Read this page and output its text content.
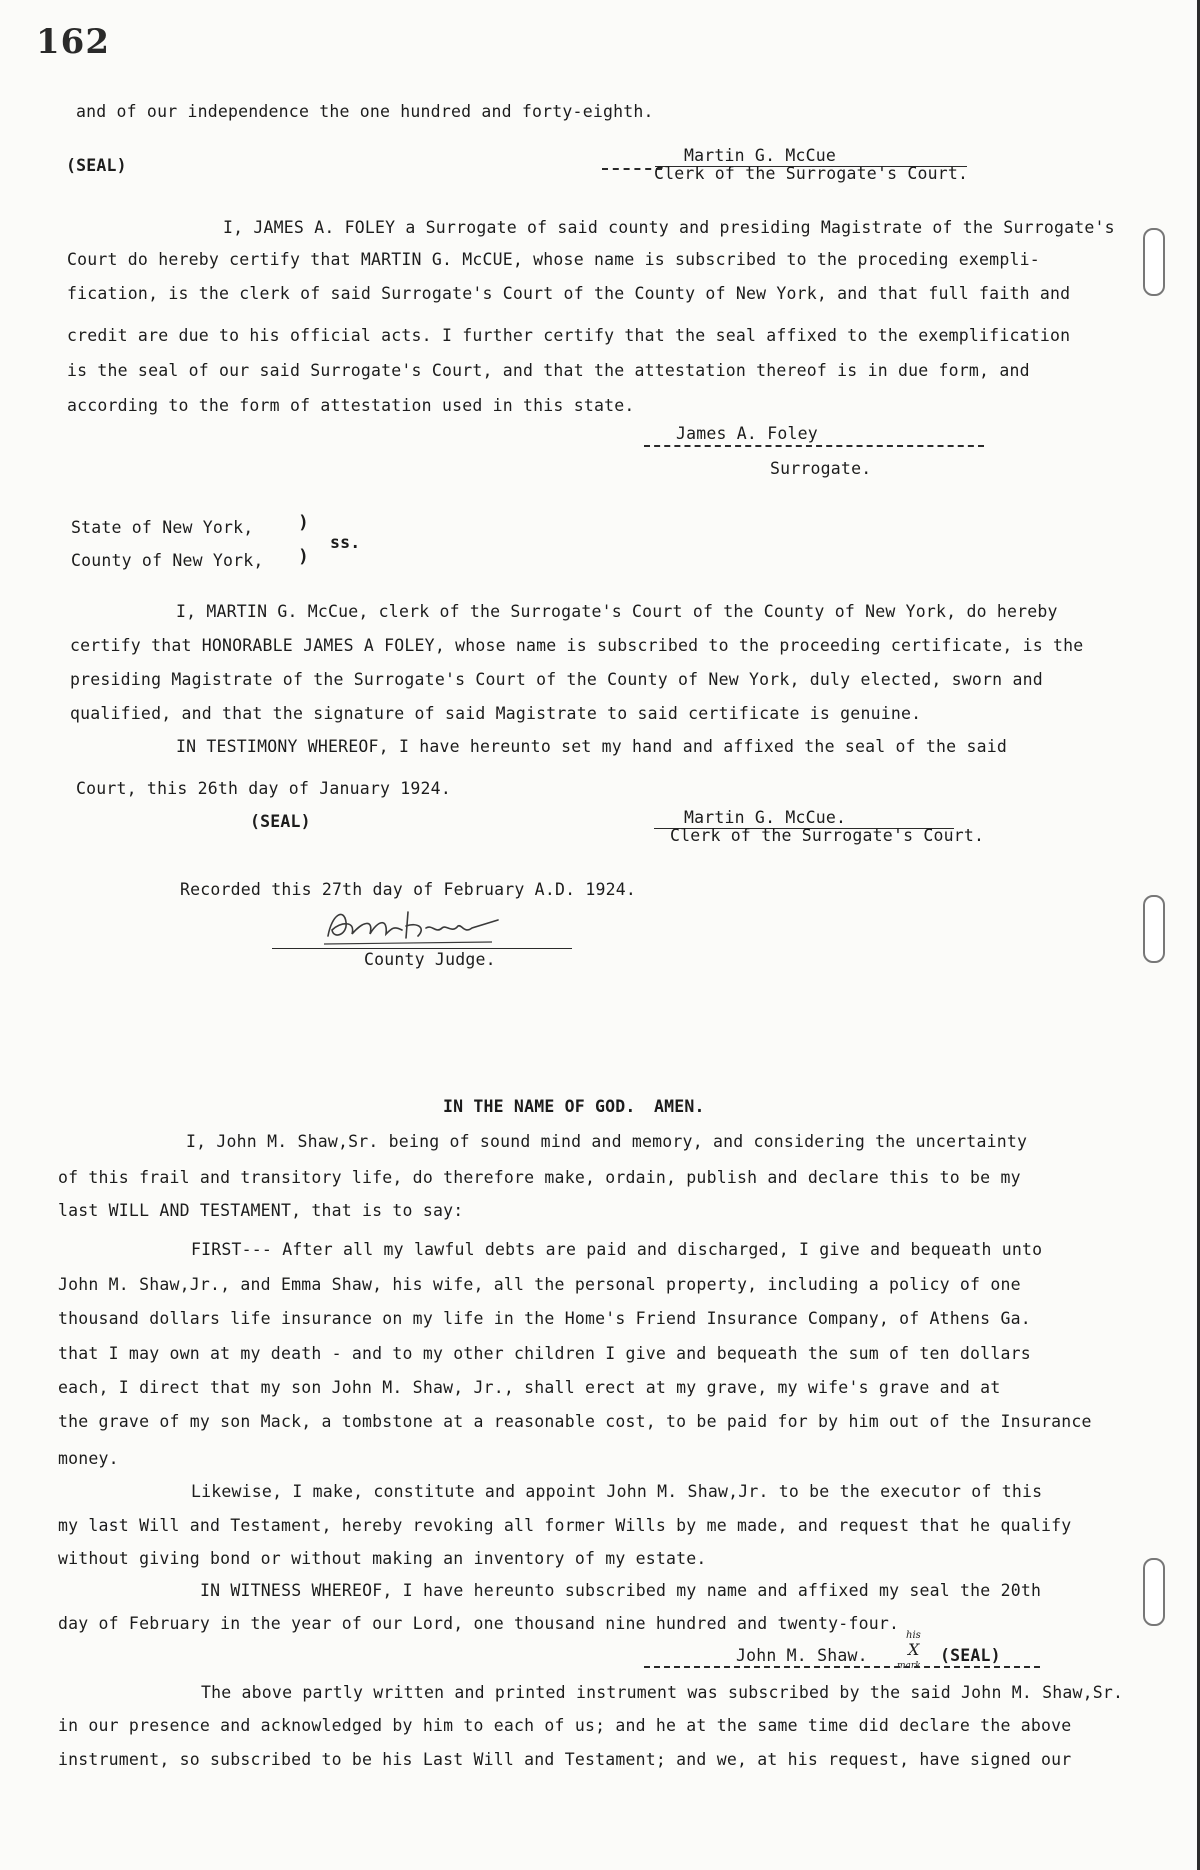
162
and of our independence the one hundred and forty-eighth.
(SEAL)
Martin G. McCue
Clerk of the Surrogate's Court.
I, JAMES A. FOLEY a Surrogate of said county and presiding Magistrate of the Surrogate's
Court do hereby certify that MARTIN G. McCUE, whose name is subscribed to the proceding exempli-
fication, is the clerk of said Surrogate's Court of the County of New York, and that full faith and
credit are due to his official acts. I further certify that the seal affixed to the exemplification
is the seal of our said Surrogate's Court, and that the attestation thereof is in due form, and
according to the form of attestation used in this state.
James A. Foley
Surrogate.
State of New York,
County of New York,
)
)
ss.
I, MARTIN G. McCue, clerk of the Surrogate's Court of the County of New York, do hereby
certify that HONORABLE JAMES A FOLEY, whose name is subscribed to the proceeding certificate, is the
presiding Magistrate of the Surrogate's Court of the County of New York, duly elected, sworn and
qualified, and that the signature of said Magistrate to said certificate is genuine.
IN TESTIMONY WHEREOF, I have hereunto set my hand and affixed the seal of the said
Court, this 26th day of January 1924.
(SEAL)	Martin G. McCue.
Clerk of the Surrogate's Court.
Recorded this 27th day of February A.D. 1924.
County Judge.
IN THE NAME OF GOD. AMEN.
I, John M. Shaw,Sr. being of sound mind and memory, and considering the uncertainty
of this frail and transitory life, do therefore make, ordain, publish and declare this to be my
last WILL AND TESTAMENT, that is to say:
FIRST--- After all my lawful debts are paid and discharged, I give and bequeath unto
John M. Shaw,Jr., and Emma Shaw, his wife, all the personal property, including a policy of one
thousand dollars life insurance on my life in the Home's Friend Insurance Company, of Athens Ga.
that I may own at my death - and to my other children I give and bequeath the sum of ten dollars
each, I direct that my son John M. Shaw, Jr., shall erect at my grave, my wife's grave and at
the grave of my son Mack, a tombstone at a reasonable cost, to be paid for by him out of the Insurance
money.
Likewise, I make, constitute and appoint John M. Shaw,Jr. to be the executor of this
my last Will and Testament, hereby revoking all former Wills by me made, and request that he qualify
without giving bond or without making an inventory of my estate.
IN WITNESS WHEREOF, I have hereunto subscribed my name and affixed my seal the 20th
day of February in the year of our Lord, one thousand nine hundred and twenty-four.
John M. Shaw.
his
X
mark
(SEAL)
The above partly written and printed instrument was subscribed by the said John M. Shaw,Sr.
in our presence and acknowledged by him to each of us; and he at the same time did declare the above
instrument, so subscribed to be his Last Will and Testament; and we, at his request, have signed our
